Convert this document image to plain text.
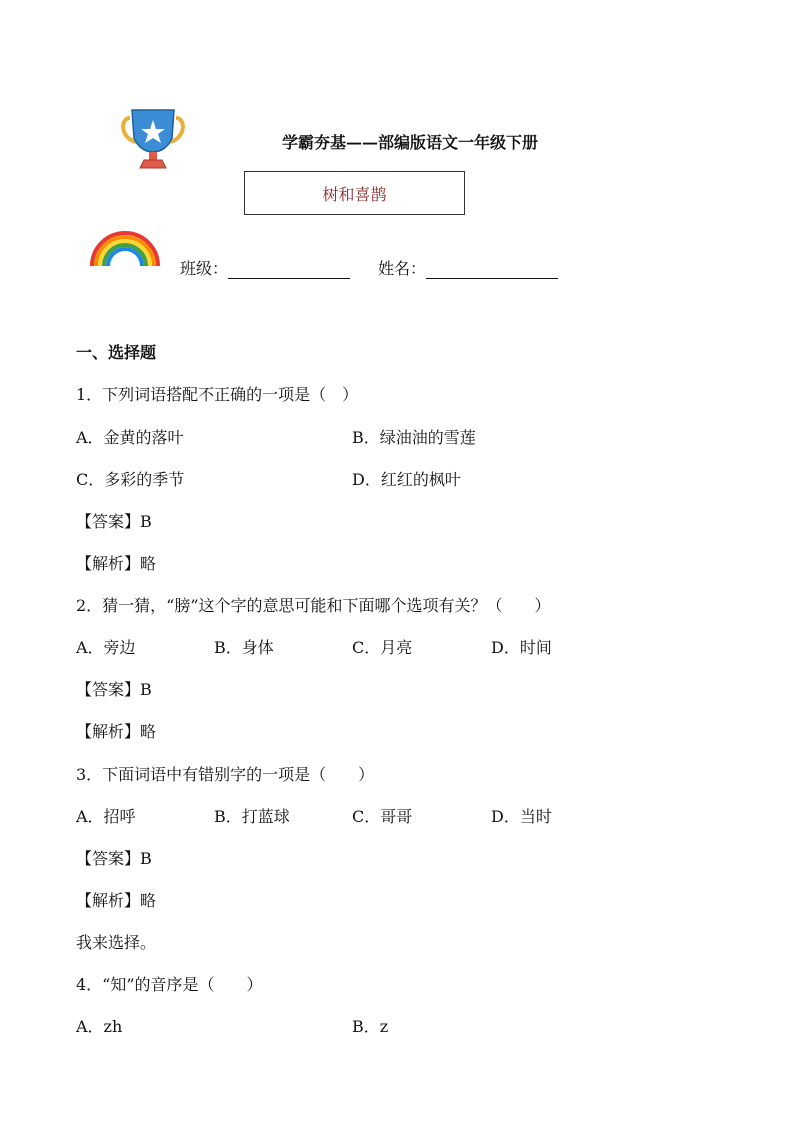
学霸夯基——部编版语文一年级下册
树和喜鹊
班级：	姓名：
一、选择题
1．下列词语搭配不正确的一项是（　）
A．金黄的落叶	B．绿油油的雪莲
C．多彩的季节	D．红红的枫叶
【答案】B
【解析】略
2．猜一猜，“膀”这个字的意思可能和下面哪个选项有关？（　　）
A．旁边	B．身体	C．月亮	D．时间
【答案】B
【解析】略
3．下面词语中有错别字的一项是（　　）
A．招呼	B．打蓝球	C．哥哥	D．当时
【答案】B
【解析】略
我来选择。
4．“知”的音序是（　　）
A．zh	B．z
